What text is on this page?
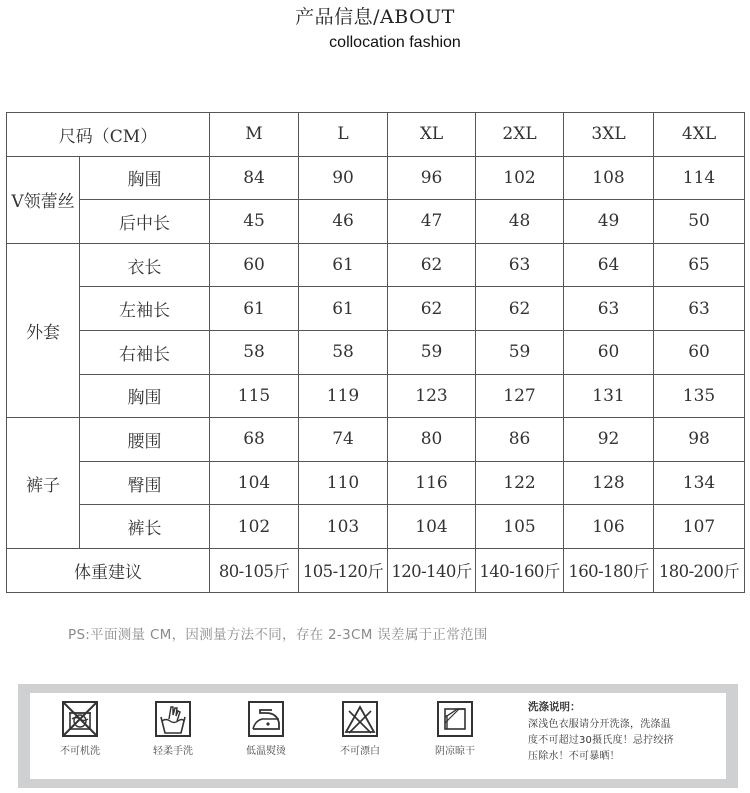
产品信息/ABOUT
collocation fashion
尺码（CM）		M	L	XL	2XL	3XL	4XL
V领蕾丝	胸围	84	90	96	102	108	114
	后中长	45	46	47	48	49	50
外套	衣长	60	61	62	63	64	65
	左袖长	61	61	62	62	63	63
	右袖长	58	58	59	59	60	60
	胸围	115	119	123	127	131	135
裤子	腰围	68	74	80	86	92	98
	臀围	104	110	116	122	128	134
	裤长	102	103	104	105	106	107
体重建议		80-105斤	105-120斤	120-140斤	140-160斤	160-180斤	180-200斤
PS:平面测量 CM，因测量方法不同，存在 2-3CM 误差属于正常范围
不可机洗	轻柔手洗	低温熨烫	不可漂白	阴凉晾干
洗涤说明：
深浅色衣服请分开洗涤，洗涤温
度不可超过30摄氏度！忌拧绞挤
压除水！不可暴晒！
